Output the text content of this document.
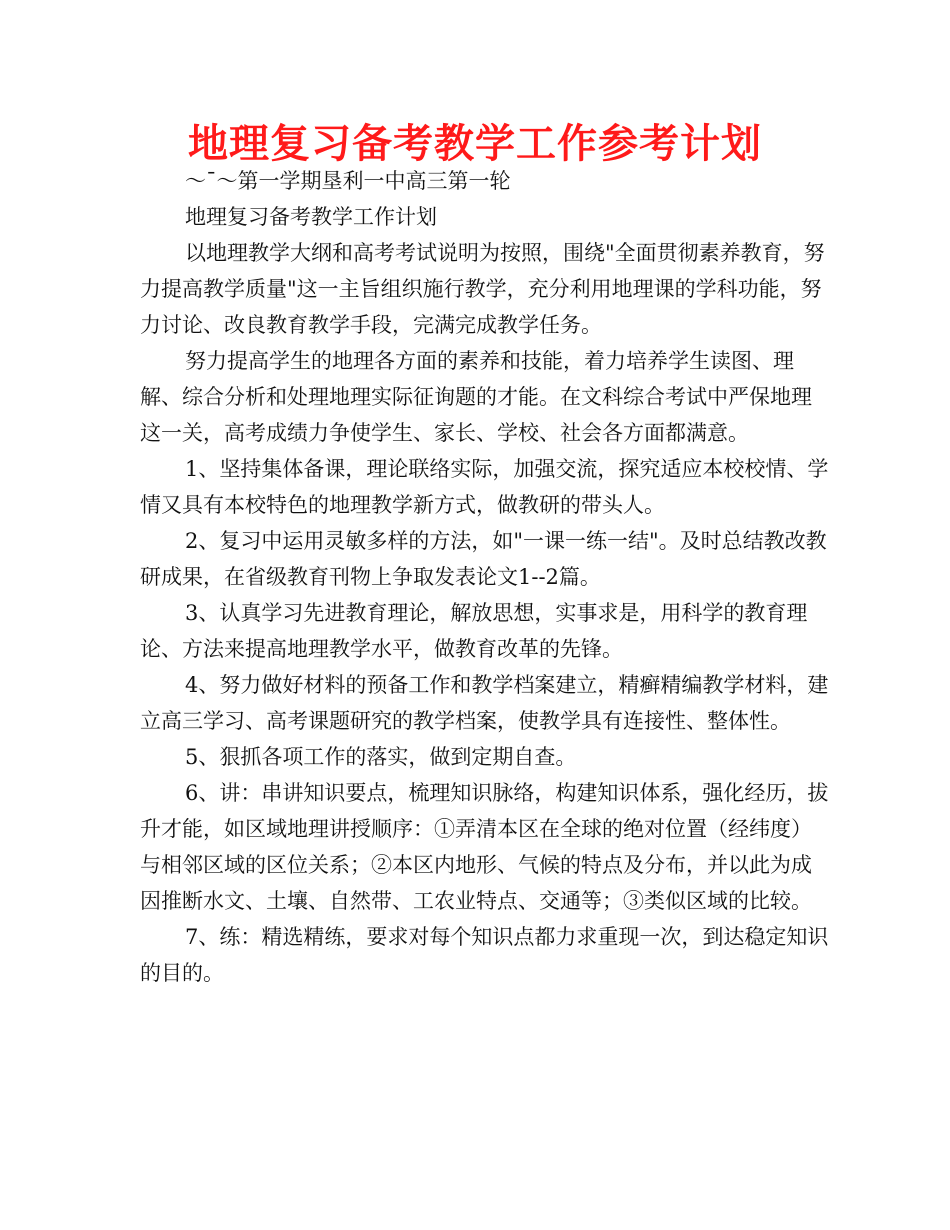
地理复习备考教学工作参考计划

～ˉ～第一学期垦利一中高三第一轮

地理复习备考教学工作计划

以地理教学大纲和高考考试说明为按照，围绕"全面贯彻素养教育，努力提高教学质量"这一主旨组织施行教学，充分利用地理课的学科功能，努力讨论、改良教育教学手段，完满完成教学任务。

努力提高学生的地理各方面的素养和技能，着力培养学生读图、理解、综合分析和处理地理实际征询题的才能。在文科综合考试中严保地理这一关，高考成绩力争使学生、家长、学校、社会各方面都满意。

1、坚持集体备课，理论联络实际，加强交流，探究适应本校校情、学情又具有本校特色的地理教学新方式，做教研的带头人。

2、复习中运用灵敏多样的方法，如"一课一练一结"。及时总结教改教研成果，在省级教育刊物上争取发表论文1--2篇。

3、认真学习先进教育理论，解放思想，实事求是，用科学的教育理论、方法来提高地理教学水平，做教育改革的先锋。

4、努力做好材料的预备工作和教学档案建立，精癣精编教学材料，建立高三学习、高考课题研究的教学档案，使教学具有连接性、整体性。

5、狠抓各项工作的落实，做到定期自查。

6、讲：串讲知识要点，梳理知识脉络，构建知识体系，强化经历，拔升才能，如区域地理讲授顺序：①弄清本区在全球的绝对位置（经纬度）与相邻区域的区位关系；②本区内地形、气候的特点及分布，并以此为成因推断水文、土壤、自然带、工农业特点、交通等；③类似区域的比较。

7、练：精选精练，要求对每个知识点都力求重现一次，到达稳定知识的目的。
